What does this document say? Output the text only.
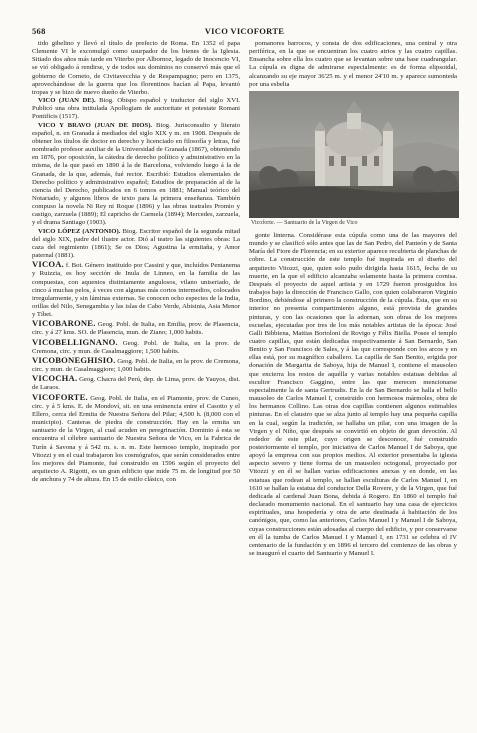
568	VICO VICOFORTE

tido gibelino y llevó el título de prefecto de Roma. En 1352 el papa Clemente VI le excomulgó como usurpador de los bienes de la Iglesia. Sitiado dos años más tarde en Viterbo por Albornoz, legado de Inocencio VI, se vió obligado á rendirse, y de todos sus dominios no conservó más que el gobierno de Corneto, de Civitavecchia y de Respampagno; pero en 1375, aprovechándose de la guerra que los florentinos hacían al Papa, levantó tropas y se hizo de nuevo dueño de Viterbo.

VICO (JUAN DE). Biog. Obispo español y traductor del siglo XVI. Publicó una obra intitulada Apollogiam de auctoritate et potestate Romani Pontificis (1517).

VICO Y BRAVO (JUAN DE DIOS). Biog. Jurisconsulto y literato español, n. en Granada á mediados del siglo XIX y m. en 1908. Después de obtener los títulos de doctor en derecho y licenciado en filosofía y letras, fué nombrado profesor auxiliar de la Universidad de Granada (1867), obteniendo en 1876, por oposición, la cátedra de derecho político y administrativo en la misma, de la que pasó en 1890 á la de Barcelona, volviendo luego á la de Granada, de la que, además, fué rector. Escribió: Estudios elementales de Derecho político y administrativo español; Estudios de preparación al de la ciencia del Derecho, publicados en 6 tomos en 1881; Manual teórico del Notariado, y algunos libros de texto para la primera enseñanza. También compuso la novela Ni Rey ni Roque (1896) y las obras teatrales Promio y castigo, zarzuela (1889); El capricho de Carmela (1894); Mercedes, zarzuela, y el drama Santiago (1903).

VICO LÓPEZ (ANTONIO). Biog. Escritor español de la segunda mitad del siglo XIX, padre del ilustre actor. Dió al teatro las siguientes obras: La caza del regimiento (1861); Se os Dios; Agustina la ermitaña, y Amor paternal (1881).

VICOA. f. Bot. Género instituido por Cassini y que, incluídos Pentanema y Ruizzia, es hoy sección de Inula de Linneo, en la familia de las compuestas, con aquenios distintamente angulosos, vilano uniseriado, de cinco á muchas pelos, á veces con algunas más cortos intermedios, colocados irregularmente, y sin láminas externas. Se conocen ocho especies de la India, orillas del Nilo, Senegambia y las islas de Cabo Verde, Abisinia, Asia Menor y Tíbet.

VICOBARONE. Geog. Pobl. de Italia, en Emilia, prov. de Plasencia, circ. y á 27 kms. SO. de Plasencia, mun. de Ziano; 1,000 habits.

VICOBELLIGNANO. Geog. Pobl. de Italia, en la prov. de Cremona, circ. y mun. de Casalmaggiore; 1,500 habits.

VICOBONEGHISIO. Geog. Pobl. de Italia, en la prov. de Cremona, circ. y mun. de Casalmaggiore; 1,000 habits.

VICOCHA. Geog. Chacra del Perú, dep. de Lima, prov. de Yauyos, dist. de Laraos.

VICOFORTE. Geog. Pobl. de Italia, en el Piamonte, prov. de Cuneo, circ. y á 5 kms. E. de Mondoví, sit. en una eminencia entre el Casotto y el Ellero, cerca del Ermita de Nuestra Señora del Pilar; 4,500 h. (8,000 con el municipio). Canteras de piedra de construcción. Hay en la ermita un santuario de la Virgen, al cual acuden en peregrinación. Dominio á esta se encuentra el célebre santuario de Nuestra Señora de Vico, en la Fabrica de Turín á Savona y á 542 m. s. n. m. Este hermoso templo, inspirado por Vitozzi y en el cual trabajaron los cosmógrafos, que serán considerados entre los mejores del Piamonte, fué construido en 1596 según el proyecto del arquitecto A. Rigotti, es un gran edificio que mide 75 m. de longitud por 50 de anchura y 74 de altura. En 15 de estilo clásico, con

pomanores barrocos, y consta de dos edificaciones, una central y otra periférica, en la que se encuentran los cuatro atrios y las cuatro capillas. Ensancha sobre ella los cuatro que se levantan sobre una base cuadrangular. La cúpula es digna de admirarse especialmente: es de forma elipsoidal, alcanzando su eje mayor 36'25 m. y el menor 24'10 m. y aparece sumonteda por una esbelta

Vicoforte. — Santuario de la Virgen de Vico

gonte linterna. Considérase esta cúpula como una de las mayores del mundo y se clasificó sólo antes que las de San Pedro, del Panteón y de Santa María del Fiore de Florencia; en su exterior aparece recubierta de planchas de cobre. La construcción de este templo fué inspirada en el diseño del arquitecto Vitozzi, que, quien solo pudo dirigirla hasta 1615, fecha de su muerte, en la que el edificio alcanzaba solamente hasta la primera cornisa. Después el proyecto de aquel artista y en 1729 fueron prosiguidos los trabajos bajo la dirección de Francisco Gallo, con quien colaboraron Virginio Bordino, debiéndose al primero la construcción de la cúpula. Ésta, que en su interior no presenta compartimiento alguno, está provista de grandes pinturas, y con las ocasiones que la adornan, son obras de los mejores escuelas, ejecutadas por tres de los más notables artistas de la época: José Galli Bibbiena, Mattias Bortoloni de Rovigo y Félix Biella. Posee el templo cuatro capillas, que están dedicadas respectivamente á San Bernardo, San Benito y San Francisco de Sales, y á las que corresponde con los arcos y en ellas está, por su magnífico caballero. La capilla de San Benito, erigida por donación de Margarita de Saboya, hija de Manuel I, contiene el mausoleo que encierra los restos de aquélla y varias notables estatuas debidas al escultor Francisco Gaggino, entre las que merecen mencionarse especialmente la de santa Gertrudis. En la de San Bernardo se halla el bello mausoleo de Carlos Manuel I, construido con hermosos mármoles, obra de los hermanos Collino. Las otras dos capillas contienen algunos estimables pinturas. En el claustro que se alza junto al templo hay una pequeña capilla en la cual, según la tradición, se hallaba un pilar, con una imagen de la Virgen y el Niño, que después se convirtió en objeto de gran devoción. Al rededor de este pilar, cuyo origen se desconoce, fué construido posteriormente el templo, por iniciativa de Carlos Manuel I de Saboya, que apoyó la empresa con sus propios medios. Al exterior presentaba la iglesia aspecto severo y tiene forma de un mausoleo octogonal, proyectado por Vitozzi y en él se hallan varias edificaciones anexas y en donde, en las estatuas que rodean al templo, se hallan esculturas de Carlos Manuel I, en 1610 se hallan la estatua del conductor Della Rovere, y de la Virgen, que fué dedicada al cardenal Juan Bona, debida á Rogero. En 1860 el templo fué declarado monumento nacional. En el santuario hay una casa de ejercicios espirituales, una hospedería y otra de arte destinada á habitación de los canónigos, que, como las anteriores, Carlos Manuel I y Manuel I de Saboya, cuyas construcciones están adosadas al cuerpo del edificio, y por conservarse en él la tumba de Carlos Manuel I y Manuel I, en 1731 se celebra el IV centenario de la fundación y en 1896 el tercero del comienzo de las obras y se inauguró el cuarto del Santuario y Manuel I.
